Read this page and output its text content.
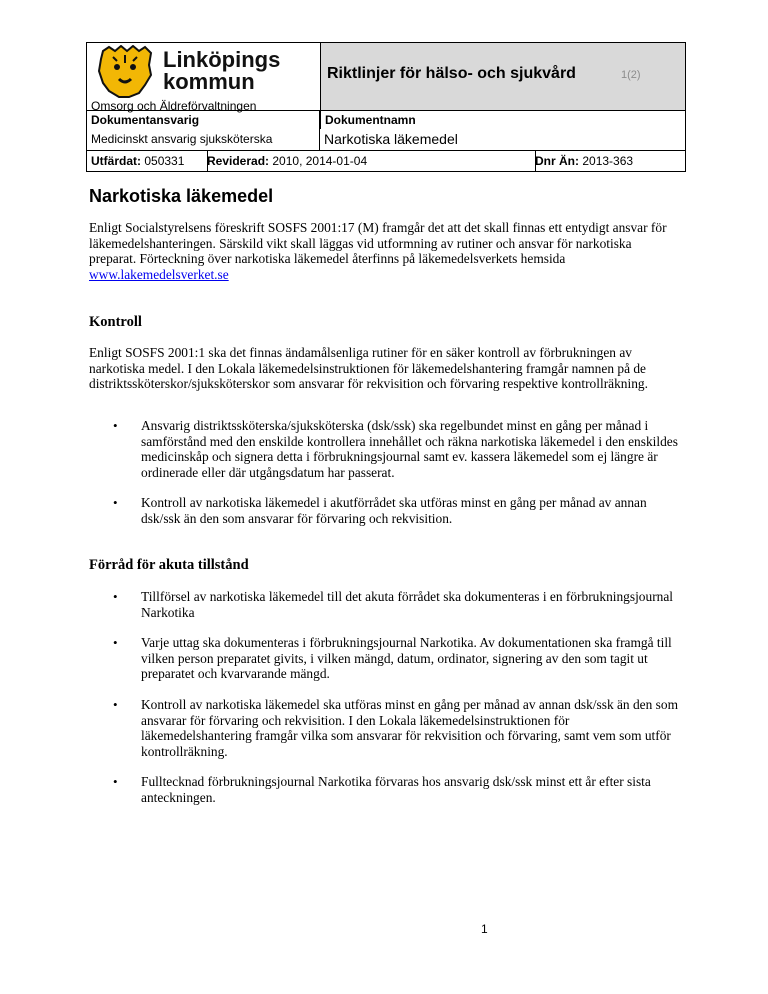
Linköpings
kommun
Omsorg och Äldreförvaltningen
Riktlinjer för hälso- och sjukvård	1(2)
Dokumentansvarig	Dokumentnamn
Medicinskt ansvarig sjuksköterska	Narkotiska läkemedel
Utfärdat: 050331	Reviderad: 2010, 2014-01-04	Dnr Än: 2013-363
Narkotiska läkemedel

Enligt Socialstyrelsens föreskrift SOSFS 2001:17 (M) framgår det att det skall finnas ett entydigt ansvar för läkemedelshanteringen. Särskild vikt skall läggas vid utformning av rutiner och ansvar för narkotiska preparat. Förteckning över narkotiska läkemedel återfinns på läkemedelsverkets hemsida www.lakemedelsverket.se

Kontroll

Enligt SOSFS 2001:1 ska det finnas ändamålsenliga rutiner för en säker kontroll av förbrukningen av narkotiska medel. I den Lokala läkemedelsinstruktionen för läkemedelshantering framgår namnen på de distriktssköterskor/sjuksköterskor som ansvarar för rekvisition och förvaring respektive kontrollräkning.

• Ansvarig distriktssköterska/sjuksköterska (dsk/ssk) ska regelbundet minst en gång per månad i samförstånd med den enskilde kontrollera innehållet och räkna narkotiska läkemedel i den enskildes medicinskåp och signera detta i förbrukningsjournal samt ev. kassera läkemedel som ej längre är ordinerade eller där utgångsdatum har passerat.

• Kontroll av narkotiska läkemedel i akutförrådet ska utföras minst en gång per månad av annan dsk/ssk än den som ansvarar för förvaring och rekvisition.

Förråd för akuta tillstånd
• Tillförsel av narkotiska läkemedel till det akuta förrådet ska dokumenteras i en förbrukningsjournal Narkotika

• Varje uttag ska dokumenteras i förbrukningsjournal Narkotika. Av dokumentationen ska framgå till vilken person preparatet givits, i vilken mängd, datum, ordinator, signering av den som tagit ut preparatet och kvarvarande mängd.

• Kontroll av narkotiska läkemedel ska utföras minst en gång per månad av annan dsk/ssk än den som ansvarar för förvaring och rekvisition. I den Lokala läkemedelsinstruktionen för läkemedelshantering framgår vilka som ansvarar för rekvisition och förvaring, samt vem som utför kontrollräkning.

• Fulltecknad förbrukningsjournal Narkotika förvaras hos ansvarig dsk/ssk minst ett år efter sista anteckningen.

1
